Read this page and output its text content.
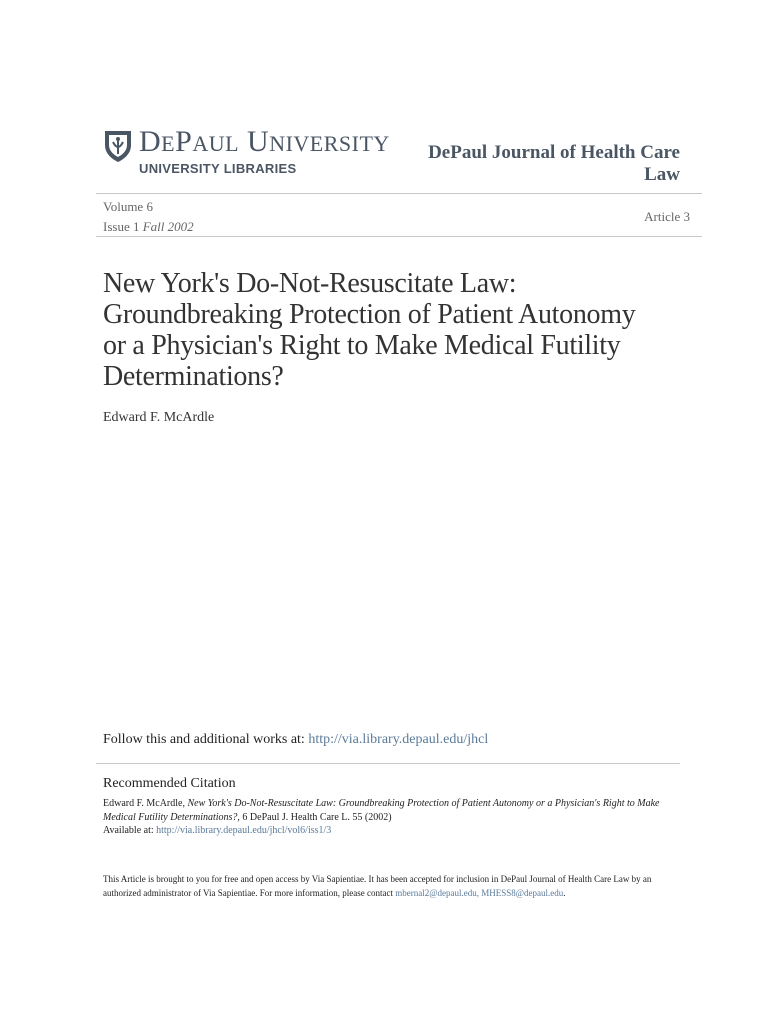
DEPAUL UNIVERSITY
UNIVERSITY LIBRARIES
DePaul Journal of Health Care
Law
Volume 6
Issue 1 Fall 2002
Article 3
New York's Do-Not-Resuscitate Law:
Groundbreaking Protection of Patient Autonomy
or a Physician's Right to Make Medical Futility
Determinations?
Edward F. McArdle
Follow this and additional works at: http://via.library.depaul.edu/jhcl
Recommended Citation
Edward F. McArdle, New York's Do-Not-Resuscitate Law: Groundbreaking Protection of Patient Autonomy or a Physician's Right to Make
Medical Futility Determinations?, 6 DePaul J. Health Care L. 55 (2002)
Available at: http://via.library.depaul.edu/jhcl/vol6/iss1/3
This Article is brought to you for free and open access by Via Sapientiae. It has been accepted for inclusion in DePaul Journal of Health Care Law by an
authorized administrator of Via Sapientiae. For more information, please contact mbernal2@depaul.edu, MHESS8@depaul.edu.
